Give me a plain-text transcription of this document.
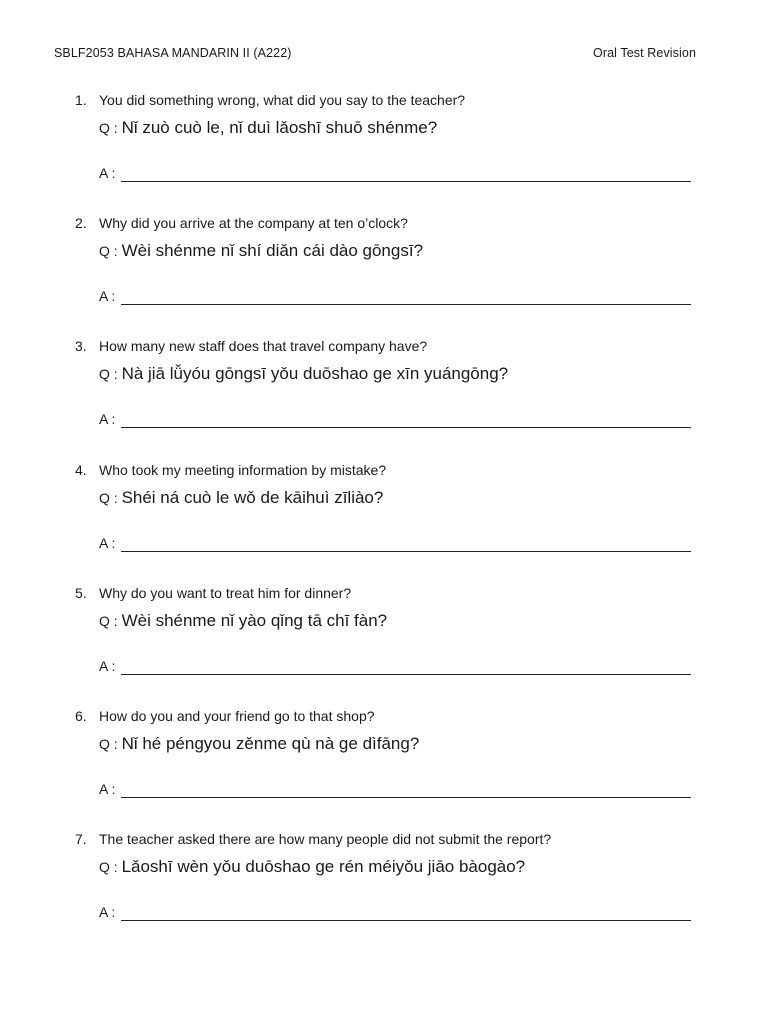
SBLF2053 BAHASA MANDARIN II (A222)	Oral Test Revision
1. You did something wrong, what did you say to the teacher?
Q : Nǐ zuò cuò le, nǐ duì lǎoshī shuō shénme?
A :
2. Why did you arrive at the company at ten o’clock?
Q : Wèi shénme nǐ shí diǎn cái dào gōngsī?
A :
3. How many new staff does that travel company have?
Q : Nà jiā lǚyóu gōngsī yǒu duōshao ge xīn yuángōng?
A :
4. Who took my meeting information by mistake?
Q : Shéi ná cuò le wǒ de kāihuì zīliào?
A :
5. Why do you want to treat him for dinner?
Q : Wèi shénme nǐ yào qǐng tā chī fàn?
A :
6. How do you and your friend go to that shop?
Q : Nǐ hé péngyou zěnme qù nà ge dìfāng?
A :
7. The teacher asked there are how many people did not submit the report?
Q : Lǎoshī wèn yǒu duōshao ge rén méiyǒu jiāo bàogào?
A :
